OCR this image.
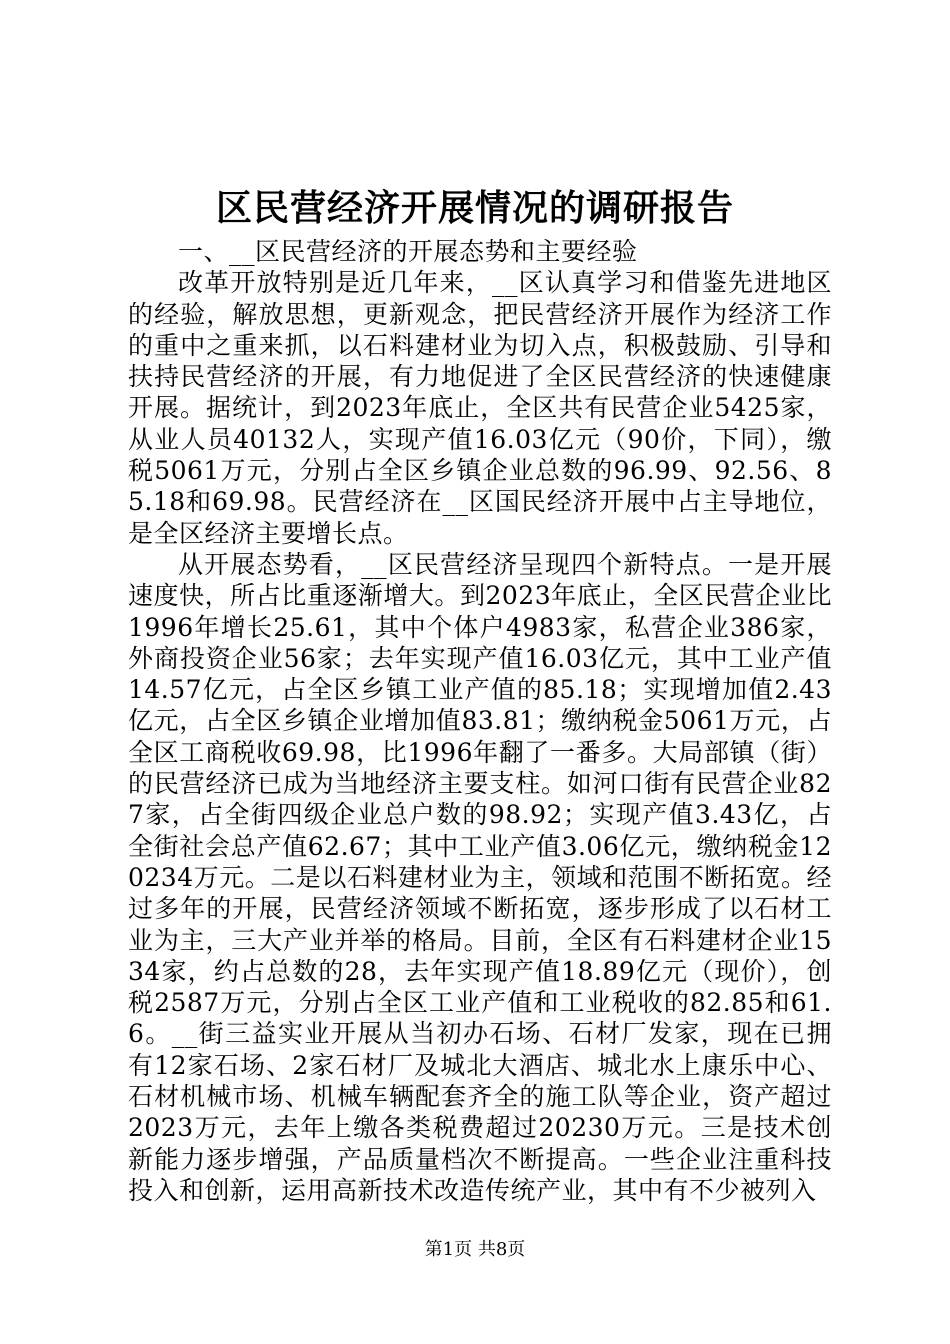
区民营经济开展情况的调研报告

一、__区民营经济的开展态势和主要经验

改革开放特别是近几年来，__区认真学习和借鉴先进地区的经验，解放思想，更新观念，把民营经济开展作为经济工作的重中之重来抓，以石料建材业为切入点，积极鼓励、引导和扶持民营经济的开展，有力地促进了全区民营经济的快速健康开展。据统计，到2023年底止，全区共有民营企业5425家，从业人员40132人，实现产值16.03亿元（90价，下同），缴税5061万元，分别占全区乡镇企业总数的96.99、92.56、85.18和69.98。民营经济在__区国民经济开展中占主导地位，是全区经济主要增长点。

从开展态势看，__区民营经济呈现四个新特点。一是开展速度快，所占比重逐渐增大。到2023年底止，全区民营企业比1996年增长25.61，其中个体户4983家，私营企业386家，外商投资企业56家；去年实现产值16.03亿元，其中工业产值14.57亿元，占全区乡镇工业产值的85.18；实现增加值2.43亿元，占全区乡镇企业增加值83.81；缴纳税金5061万元，占全区工商税收69.98，比1996年翻了一番多。大局部镇（街）的民营经济已成为当地经济主要支柱。如河口街有民营企业827家，占全街四级企业总户数的98.92；实现产值3.43亿，占全街社会总产值62.67；其中工业产值3.06亿元，缴纳税金120234万元。二是以石料建材业为主，领域和范围不断拓宽。经过多年的开展，民营经济领域不断拓宽，逐步形成了以石材工业为主，三大产业并举的格局。目前，全区有石料建材企业1534家，约占总数的28，去年实现产值18.89亿元（现价），创税2587万元，分别占全区工业产值和工业税收的82.85和61.6。__街三益实业开展从当初办石场、石材厂发家，现在已拥有12家石场、2家石材厂及城北大酒店、城北水上康乐中心、石材机械市场、机械车辆配套齐全的施工队等企业，资产超过2023万元，去年上缴各类税费超过20230万元。三是技术创新能力逐步增强，产品质量档次不断提高。一些企业注重科技投入和创新，运用高新技术改造传统产业，其中有不少被列入

第1页 共8页
